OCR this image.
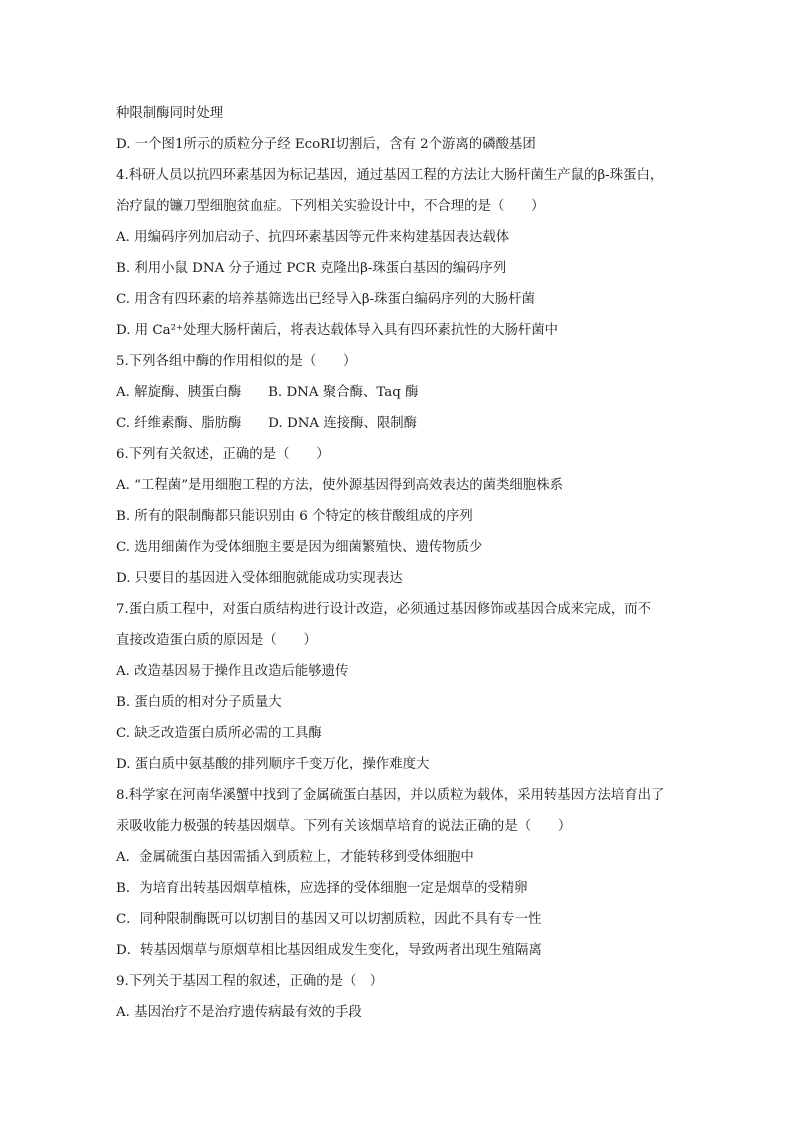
种限制酶同时处理
D. 一个图1所示的质粒分子经 EcoRⅠ切割后，含有 2个游离的磷酸基团
4.科研人员以抗四环素基因为标记基因，通过基因工程的方法让大肠杆菌生产鼠的β-珠蛋白，
治疗鼠的镰刀型细胞贫血症。下列相关实验设计中，不合理的是（　　）
A. 用编码序列加启动子、抗四环素基因等元件来构建基因表达载体
B. 利用小鼠 DNA 分子通过 PCR 克隆出β-珠蛋白基因的编码序列
C. 用含有四环素的培养基筛选出已经导入β-珠蛋白编码序列的大肠杆菌
D. 用 Ca²⁺处理大肠杆菌后，将表达载体导入具有四环素抗性的大肠杆菌中
5.下列各组中酶的作用相似的是（　　）
A. 解旋酶、胰蛋白酶　　B. DNA 聚合酶、Taq 酶
C. 纤维素酶、脂肪酶　　D. DNA 连接酶、限制酶
6.下列有关叙述，正确的是（　　）
A. “工程菌”是用细胞工程的方法，使外源基因得到高效表达的菌类细胞株系
B. 所有的限制酶都只能识别由 6 个特定的核苷酸组成的序列
C. 选用细菌作为受体细胞主要是因为细菌繁殖快、遗传物质少
D. 只要目的基因进入受体细胞就能成功实现表达
7.蛋白质工程中，对蛋白质结构进行设计改造，必须通过基因修饰或基因合成来完成，而不
直接改造蛋白质的原因是（　　）
A. 改造基因易于操作且改造后能够遗传
B. 蛋白质的相对分子质量大
C. 缺乏改造蛋白质所必需的工具酶
D. 蛋白质中氨基酸的排列顺序千变万化，操作难度大
8.科学家在河南华溪蟹中找到了金属硫蛋白基因，并以质粒为载体，采用转基因方法培育出了
汞吸收能力极强的转基因烟草。下列有关该烟草培育的说法正确的是（　　）
A．金属硫蛋白基因需插入到质粒上，才能转移到受体细胞中
B．为培育出转基因烟草植株，应选择的受体细胞一定是烟草的受精卵
C．同种限制酶既可以切割目的基因又可以切割质粒，因此不具有专一性
D．转基因烟草与原烟草相比基因组成发生变化，导致两者出现生殖隔离
9.下列关于基因工程的叙述，正确的是（　）
A. 基因治疗不是治疗遗传病最有效的手段
